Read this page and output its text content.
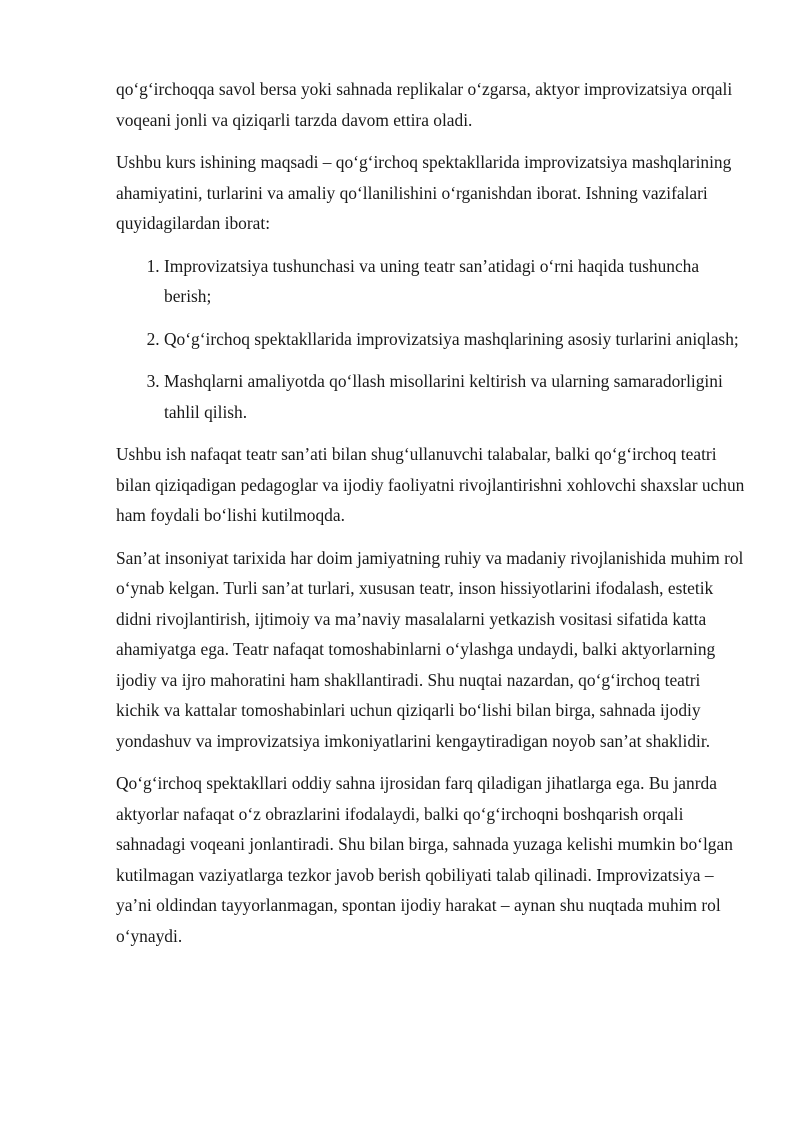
qo‘g‘irchoqqa savol bersa yoki sahnada replikalar o‘zgarsa, aktyor improvizatsiya orqali voqeani jonli va qiziqarli tarzda davom ettira oladi.

Ushbu kurs ishining maqsadi – qo‘g‘irchoq spektakllarida improvizatsiya mashqlarining ahamiyatini, turlarini va amaliy qo‘llanilishini o‘rganishdan iborat. Ishning vazifalari quyidagilardan iborat:

1. Improvizatsiya tushunchasi va uning teatr san’atidagi o‘rni haqida tushuncha berish;
2. Qo‘g‘irchoq spektakllarida improvizatsiya mashqlarining asosiy turlarini aniqlash;
3. Mashqlarni amaliyotda qo‘llash misollarini keltirish va ularning samaradorligini tahlil qilish.

Ushbu ish nafaqat teatr san’ati bilan shug‘ullanuvchi talabalar, balki qo‘g‘irchoq teatri bilan qiziqadigan pedagoglar va ijodiy faoliyatni rivojlantirishni xohlovchi shaxslar uchun ham foydali bo‘lishi kutilmoqda.

San’at insoniyat tarixida har doim jamiyatning ruhiy va madaniy rivojlanishida muhim rol o‘ynab kelgan. Turli san’at turlari, xususan teatr, inson hissiyotlarini ifodalash, estetik didni rivojlantirish, ijtimoiy va ma’naviy masalalarni yetkazish vositasi sifatida katta ahamiyatga ega. Teatr nafaqat tomoshabinlarni o‘ylashga undaydi, balki aktyorlarning ijodiy va ijro mahoratini ham shakllantiradi. Shu nuqtai nazardan, qo‘g‘irchoq teatri kichik va kattalar tomoshabinlari uchun qiziqarli bo‘lishi bilan birga, sahnada ijodiy yondashuv va improvizatsiya imkoniyatlarini kengaytiradigan noyob san’at shaklidir.

Qo‘g‘irchoq spektakllari oddiy sahna ijrosidan farq qiladigan jihatlarga ega. Bu janrda aktyorlar nafaqat o‘z obrazlarini ifodalaydi, balki qo‘g‘irchoqni boshqarish orqali sahnadagi voqeani jonlantiradi. Shu bilan birga, sahnada yuzaga kelishi mumkin bo‘lgan kutilmagan vaziyatlarga tezkor javob berish qobiliyati talab qilinadi. Improvizatsiya – ya’ni oldindan tayyorlanmagan, spontan ijodiy harakat – aynan shu nuqtada muhim rol o‘ynaydi.
